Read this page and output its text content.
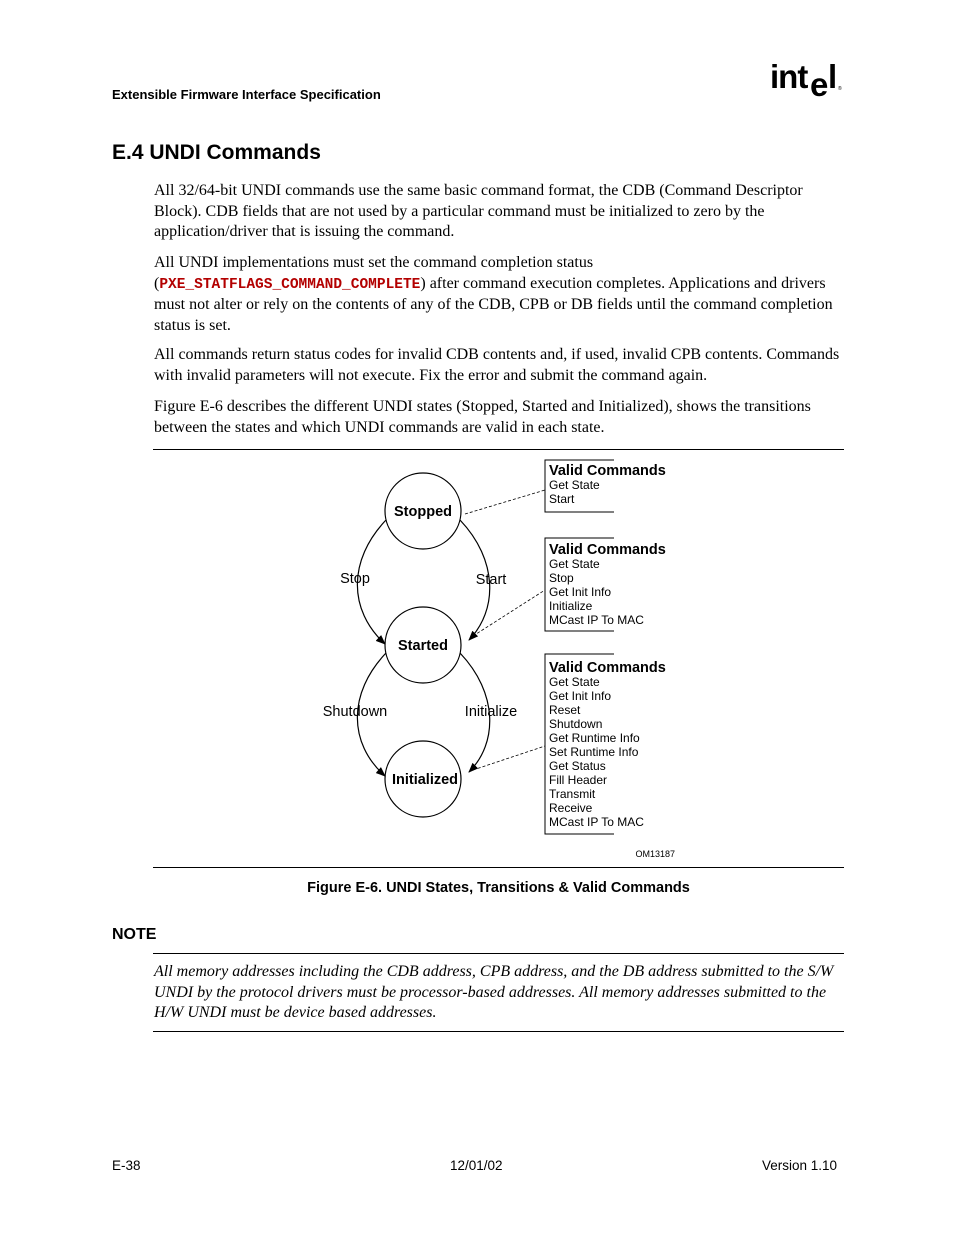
Extensible Firmware Interface Specification	int e l ®
E.4 UNDI Commands

All 32/64-bit UNDI commands use the same basic command format, the CDB (Command Descriptor Block). CDB fields that are not used by a particular command must be initialized to zero by the application/driver that is issuing the command.

All UNDI implementations must set the command completion status (PXE_STATFLAGS_COMMAND_COMPLETE) after command execution completes. Applications and drivers must not alter or rely on the contents of any of the CDB, CPB or DB fields until the command completion status is set.

All commands return status codes for invalid CDB contents and, if used, invalid CPB contents. Commands with invalid parameters will not execute. Fix the error and submit the command again.

Figure E-6 describes the different UNDI states (Stopped, Started and Initialized), shows the transitions between the states and which UNDI commands are valid in each state.

Stopped
Started
Initialized
Stop	Start
Shutdown	Initialize
Valid Commands
Get State
Start
Valid Commands
Get State
Stop
Get Init Info
Initialize
MCast IP To MAC
Valid Commands
Get State
Get Init Info
Reset
Shutdown
Get Runtime Info
Set Runtime Info
Get Status
Fill Header
Transmit
Receive
MCast IP To MAC
OM13187
Figure E-6. UNDI States, Transitions & Valid Commands
NOTE

All memory addresses including the CDB address, CPB address, and the DB address submitted to the S/W UNDI by the protocol drivers must be processor-based addresses. All memory addresses submitted to the H/W UNDI must be device based addresses.

E-38	12/01/02	Version 1.10
